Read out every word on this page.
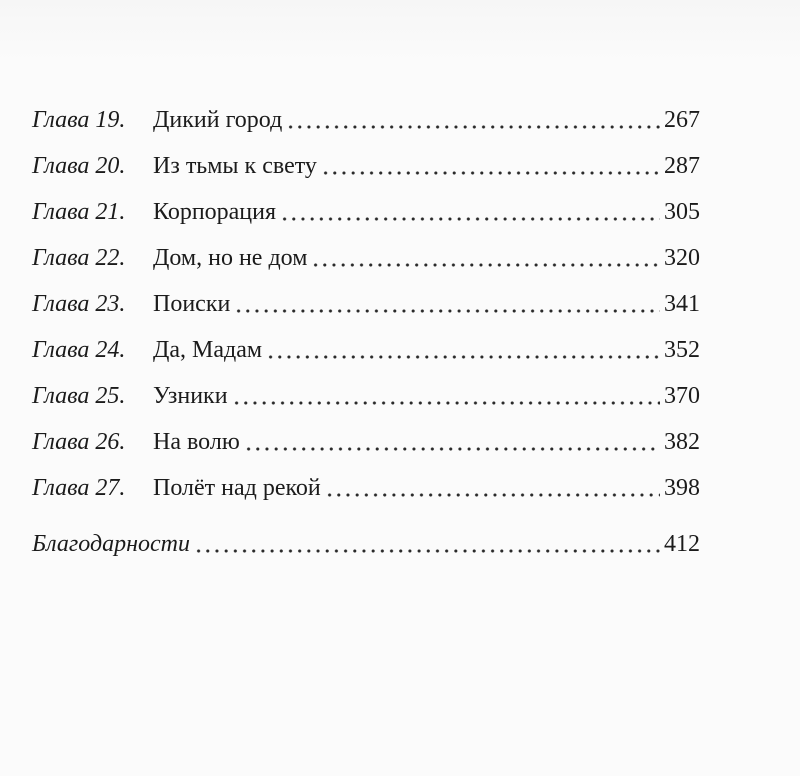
Глава 19.	Дикий город	267
Глава 20.	Из тьмы к свету	287
Глава 21.	Корпорация	305
Глава 22.	Дом, но не дом	320
Глава 23.	Поиски	341
Глава 24.	Да, Мадам	352
Глава 25.	Узники	370
Глава 26.	На волю	382
Глава 27.	Полёт над рекой	398
Благодарности	412
